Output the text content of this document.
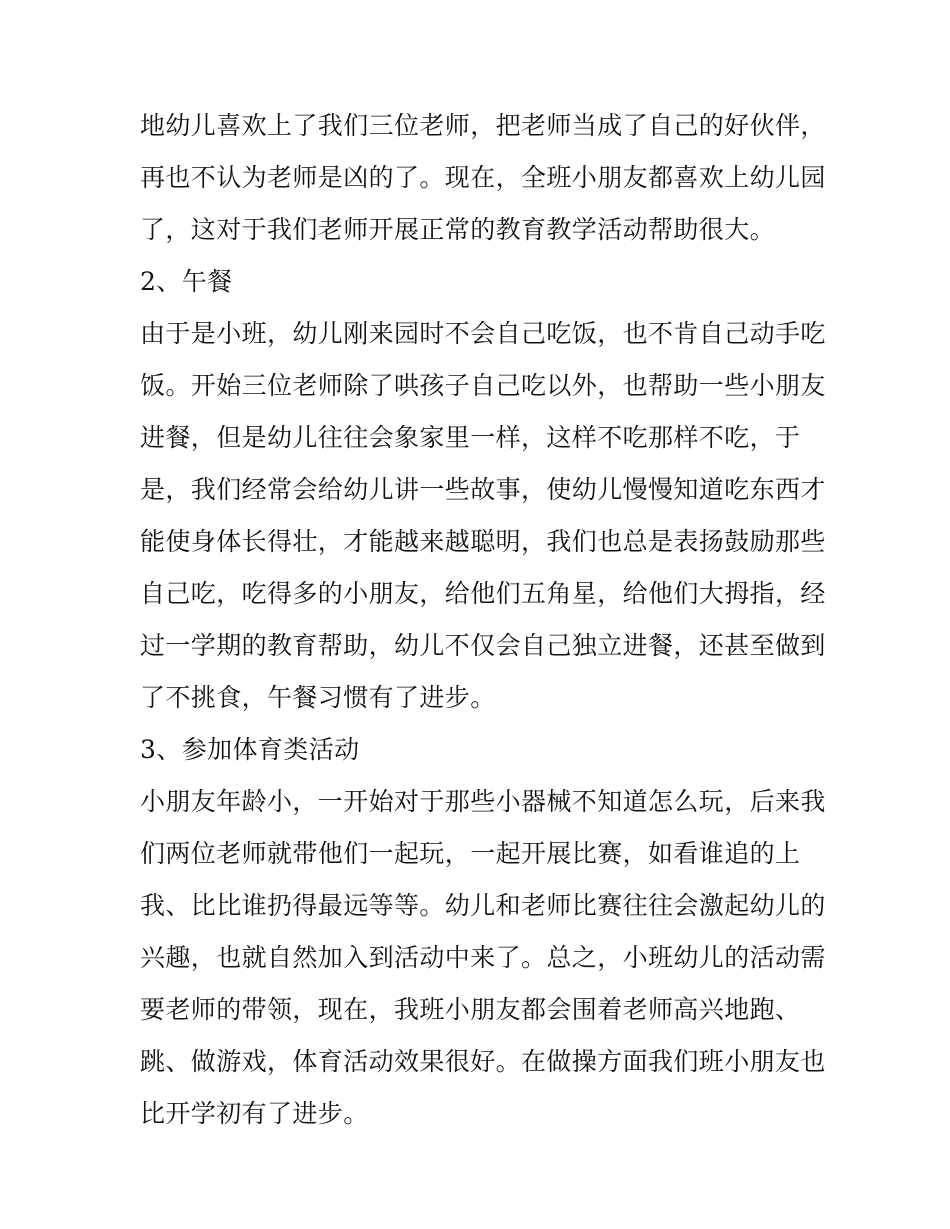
地幼儿喜欢上了我们三位老师，把老师当成了自己的好伙伴，
再也不认为老师是凶的了。现在，全班小朋友都喜欢上幼儿园
了，这对于我们老师开展正常的教育教学活动帮助很大。
2、午餐
由于是小班，幼儿刚来园时不会自己吃饭，也不肯自己动手吃
饭。开始三位老师除了哄孩子自己吃以外，也帮助一些小朋友
进餐，但是幼儿往往会象家里一样，这样不吃那样不吃，于
是，我们经常会给幼儿讲一些故事，使幼儿慢慢知道吃东西才
能使身体长得壮，才能越来越聪明，我们也总是表扬鼓励那些
自己吃，吃得多的小朋友，给他们五角星，给他们大拇指，经
过一学期的教育帮助，幼儿不仅会自己独立进餐，还甚至做到
了不挑食，午餐习惯有了进步。
3、参加体育类活动
小朋友年龄小，一开始对于那些小器械不知道怎么玩，后来我
们两位老师就带他们一起玩，一起开展比赛，如看谁追的上
我、比比谁扔得最远等等。幼儿和老师比赛往往会激起幼儿的
兴趣，也就自然加入到活动中来了。总之，小班幼儿的活动需
要老师的带领，现在，我班小朋友都会围着老师高兴地跑、
跳、做游戏，体育活动效果很好。在做操方面我们班小朋友也
比开学初有了进步。
